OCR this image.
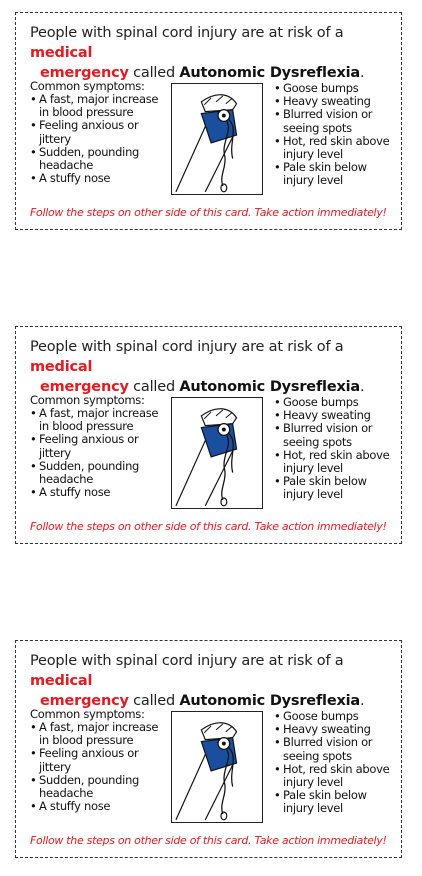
People with spinal cord injury are at risk of a medical
emergency called Autonomic Dysreflexia.
Common symptoms:
• A fast, major increase in blood pressure
• Feeling anxious or jittery
• Sudden, pounding headache
• A stuffy nose
• Goose bumps
• Heavy sweating
• Blurred vision or seeing spots
• Hot, red skin above injury level
• Pale skin below injury level
Follow the steps on other side of this card. Take action immediately!
People with spinal cord injury are at risk of a medical
emergency called Autonomic Dysreflexia.
Common symptoms:
• A fast, major increase in blood pressure
• Feeling anxious or jittery
• Sudden, pounding headache
• A stuffy nose
• Goose bumps
• Heavy sweating
• Blurred vision or seeing spots
• Hot, red skin above injury level
• Pale skin below injury level
Follow the steps on other side of this card. Take action immediately!
People with spinal cord injury are at risk of a medical
emergency called Autonomic Dysreflexia.
Common symptoms:
• A fast, major increase in blood pressure
• Feeling anxious or jittery
• Sudden, pounding headache
• A stuffy nose
• Goose bumps
• Heavy sweating
• Blurred vision or seeing spots
• Hot, red skin above injury level
• Pale skin below injury level
Follow the steps on other side of this card. Take action immediately!
